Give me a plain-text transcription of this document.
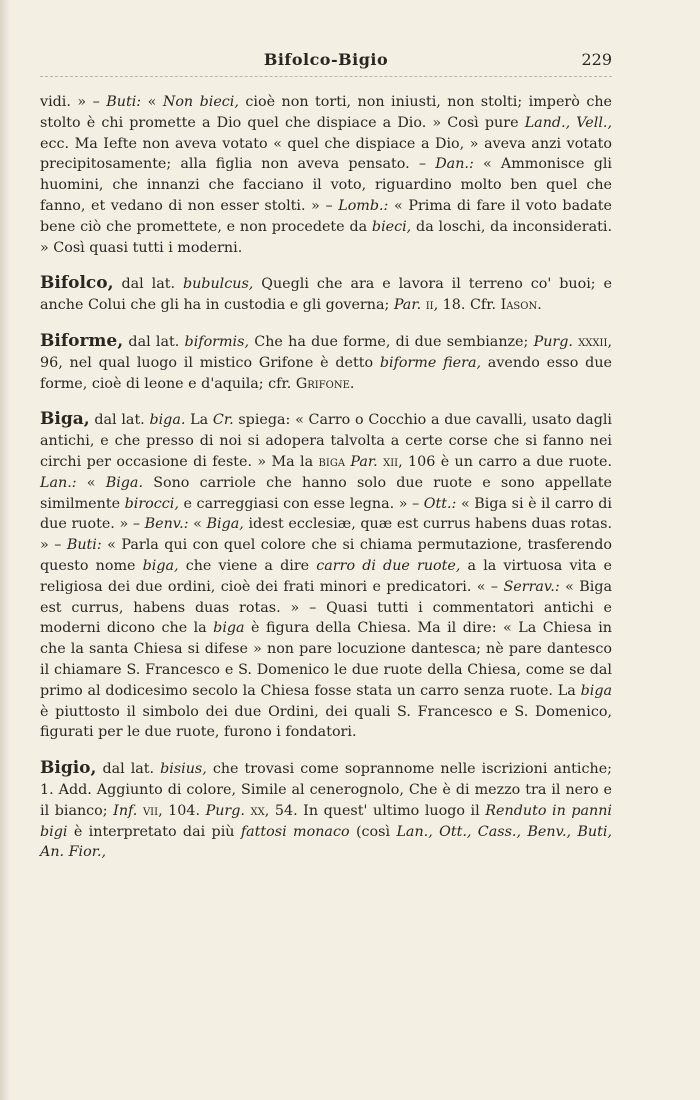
Bifolco-Bigio	229

vidi. » – Buti: « Non bieci, cioè non torti, non iniusti, non stolti; imperò che stolto è chi promette a Dio quel che dispiace a Dio. » Così pure Land., Vell., ecc. Ma Iefte non aveva votato « quel che dispiace a Dio, » aveva anzi votato precipitosamente; alla figlia non aveva pensato. – Dan.: « Ammonisce gli huomini, che innanzi che facciano il voto, riguardino molto ben quel che fanno, et vedano di non esser stolti. » – Lomb.: « Prima di fare il voto badate bene ciò che promettete, e non procedete da bieci, da loschi, da inconsiderati. » Così quasi tutti i moderni.

Bifolco, dal lat. bubulcus, Quegli che ara e lavora il terreno co' buoi; e anche Colui che gli ha in custodia e gli governa; Par. ii, 18. Cfr. Iason.

Biforme, dal lat. biformis, Che ha due forme, di due sembianze; Purg. xxxii, 96, nel qual luogo il mistico Grifone è detto biforme fiera, avendo esso due forme, cioè di leone e d'aquila; cfr. Grifone.

Biga, dal lat. biga. La Cr. spiega: « Carro o Cocchio a due cavalli, usato dagli antichi, e che presso di noi si adopera talvolta a certe corse che si fanno nei circhi per occasione di feste. » Ma la biga Par. xii, 106 è un carro a due ruote. Lan.: « Biga. Sono carriole che hanno solo due ruote e sono appellate similmente birocci, e carreggiasi con esse legna. » – Ott.: « Biga si è il carro di due ruote. » – Benv.: « Biga, idest ecclesiæ, quæ est currus habens duas rotas. » – Buti: « Parla qui con quel colore che si chiama permutazione, trasferendo questo nome biga, che viene a dire carro di due ruote, a la virtuosa vita e religiosa dei due ordini, cioè dei frati minori e predicatori. « – Serrav.: « Biga est currus, habens duas rotas. » – Quasi tutti i commentatori antichi e moderni dicono che la biga è figura della Chiesa. Ma il dire: « La Chiesa in che la santa Chiesa si difese » non pare locuzione dantesca; nè pare dantesco il chiamare S. Francesco e S. Domenico le due ruote della Chiesa, come se dal primo al dodicesimo secolo la Chiesa fosse stata un carro senza ruote. La biga è piuttosto il simbolo dei due Ordini, dei quali S. Francesco e S. Domenico, figurati per le due ruote, furono i fondatori.

Bigio, dal lat. bisius, che trovasi come soprannome nelle iscrizioni antiche; 1. Add. Aggiunto di colore, Simile al cenerognolo, Che è di mezzo tra il nero e il bianco; Inf. vii, 104. Purg. xx, 54. In quest' ultimo luogo il Renduto in panni bigi è interpretato dai più fattosi monaco (così Lan., Ott., Cass., Benv., Buti, An. Fior.,
